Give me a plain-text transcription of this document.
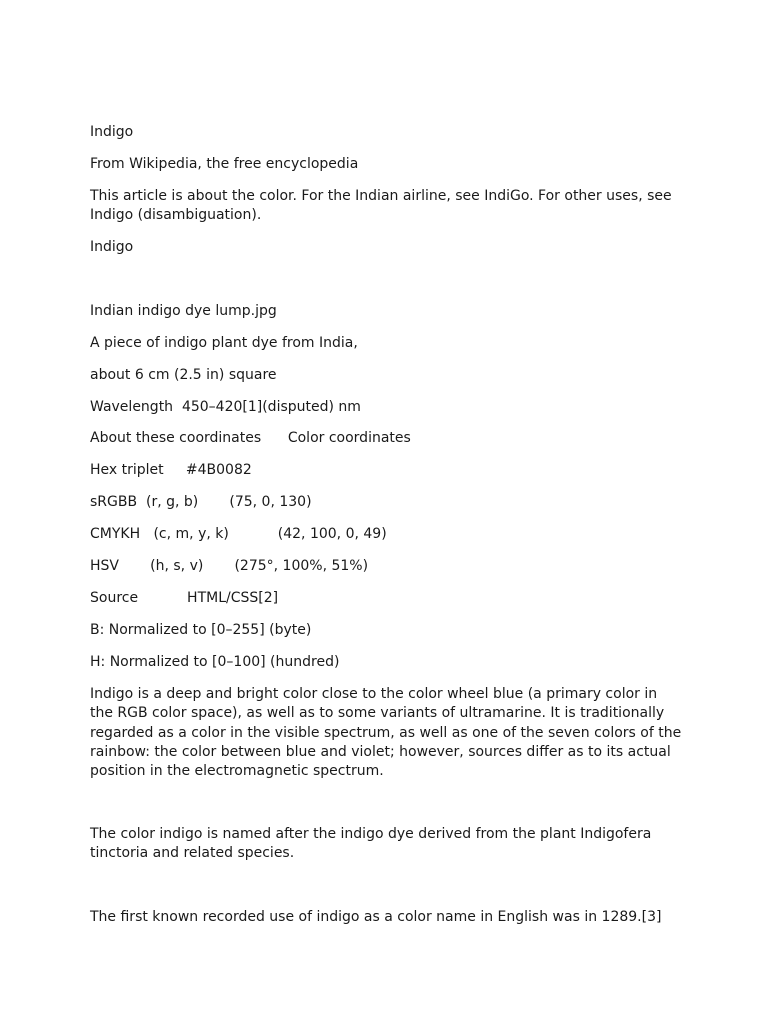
Indigo
From Wikipedia, the free encyclopedia
This article is about the color. For the Indian airline, see IndiGo. For other uses, see Indigo (disambiguation).
Indigo
Indian indigo dye lump.jpg
A piece of indigo plant dye from India,
about 6 cm (2.5 in) square
Wavelength  450–420[1](disputed) nm
About these coordinates      Color coordinates
Hex triplet     #4B0082
sRGBB  (r, g, b)       (75, 0, 130)
CMYKH   (c, m, y, k)           (42, 100, 0, 49)
HSV       (h, s, v)       (275°, 100%, 51%)
Source           HTML/CSS[2]
B: Normalized to [0–255] (byte)
H: Normalized to [0–100] (hundred)
Indigo is a deep and bright color close to the color wheel blue (a primary color in the RGB color space), as well as to some variants of ultramarine. It is traditionally regarded as a color in the visible spectrum, as well as one of the seven colors of the rainbow: the color between blue and violet; however, sources differ as to its actual position in the electromagnetic spectrum.
The color indigo is named after the indigo dye derived from the plant Indigofera tinctoria and related species.
The first known recorded use of indigo as a color name in English was in 1289.[3]
